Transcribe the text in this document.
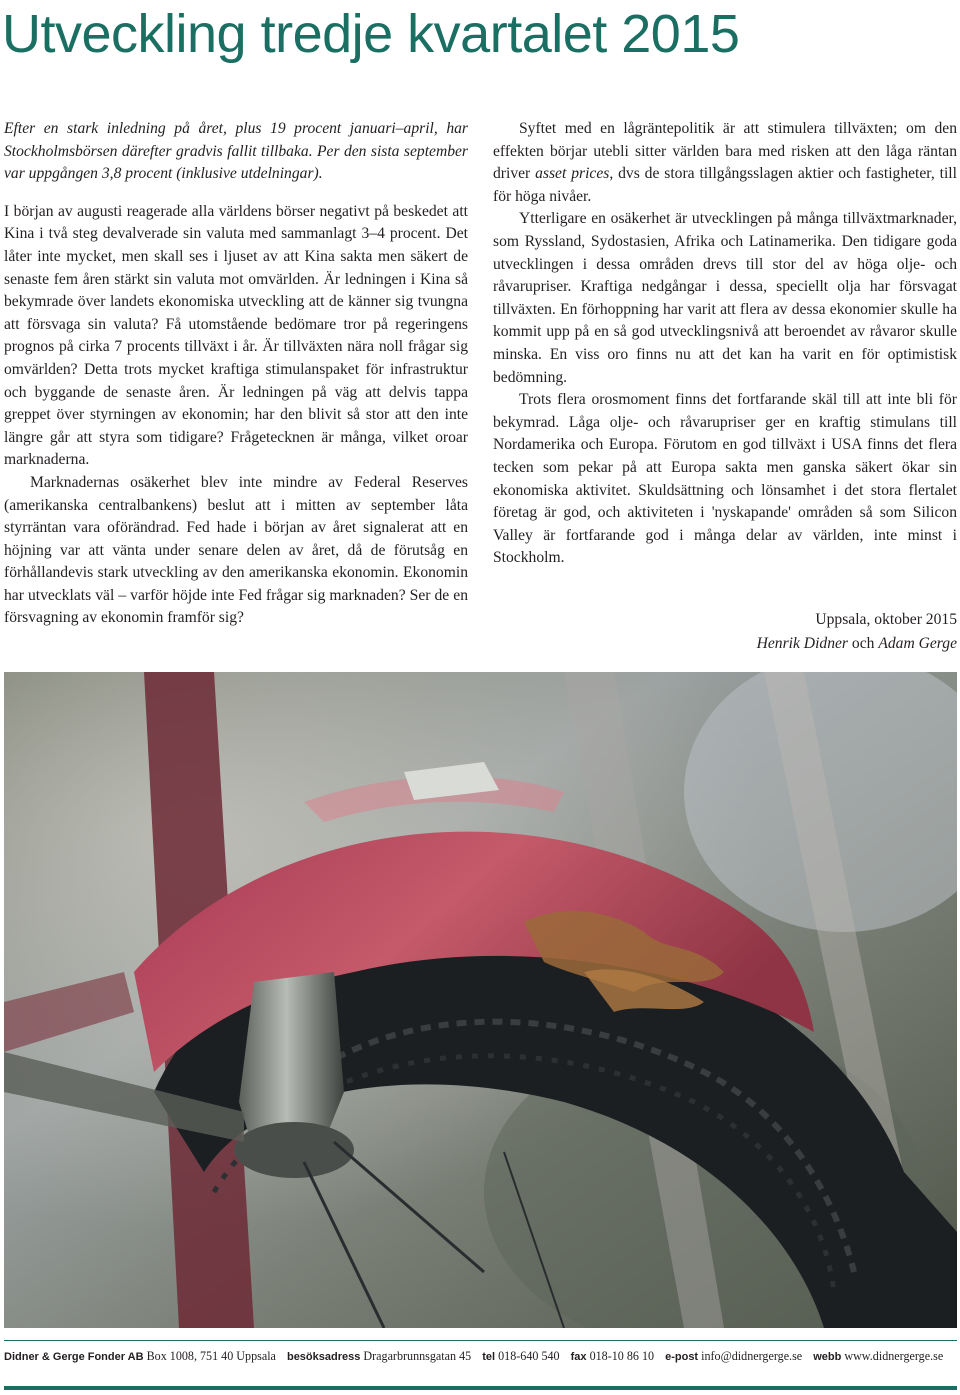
Utveckling tredje kvartalet 2015

Efter en stark inledning på året, plus 19 procent januari–april, har Stockholmsbörsen därefter gradvis fallit tillbaka. Per den sista september var uppgången 3,8 procent (inklusive utdelningar).

I början av augusti reagerade alla världens börser negativt på beskedet att Kina i två steg devalverade sin valuta med sammanlagt 3–4 procent. Det låter inte mycket, men skall ses i ljuset av att Kina sakta men säkert de senaste fem åren stärkt sin valuta mot omvärlden. Är ledningen i Kina så bekymrade över landets ekonomiska utveckling att de känner sig tvungna att försvaga sin valuta? Få utomstående bedömare tror på regeringens prognos på cirka 7 procents tillväxt i år. Är tillväxten nära noll frågar sig omvärlden? Detta trots mycket kraftiga stimulanspaket för infrastruktur och byggande de senaste åren. Är ledningen på väg att delvis tappa greppet över styrningen av ekonomin; har den blivit så stor att den inte längre går att styra som tidigare? Frågetecknen är många, vilket oroar marknaderna.

Marknadernas osäkerhet blev inte mindre av Federal Reserves (amerikanska centralbankens) beslut att i mitten av september låta styrräntan vara oförändrad. Fed hade i början av året signalerat att en höjning var att vänta under senare delen av året, då de förutsåg en förhållandevis stark utveckling av den amerikanska ekonomin. Ekonomin har utvecklats väl – varför höjde inte Fed frågar sig marknaden? Ser de en försvagning av ekonomin framför sig?

Syftet med en lågräntepolitik är att stimulera tillväxten; om den effekten börjar utebli sitter världen bara med risken att den låga räntan driver asset prices, dvs de stora tillgångsslagen aktier och fastigheter, till för höga nivåer.

Ytterligare en osäkerhet är utvecklingen på många tillväxtmarknader, som Ryssland, Sydostasien, Afrika och Latinamerika. Den tidigare goda utvecklingen i dessa områden drevs till stor del av höga olje- och råvarupriser. Kraftiga nedgångar i dessa, speciellt olja har försvagat tillväxten. En förhoppning har varit att flera av dessa ekonomier skulle ha kommit upp på en så god utvecklingsnivå att beroendet av råvaror skulle minska. En viss oro finns nu att det kan ha varit en för optimistisk bedömning.

Trots flera orosmoment finns det fortfarande skäl till att inte bli för bekymrad. Låga olje- och råvarupriser ger en kraftig stimulans till Nordamerika och Europa. Förutom en god tillväxt i USA finns det flera tecken som pekar på att Europa sakta men ganska säkert ökar sin ekonomiska aktivitet. Skuldsättning och lönsamhet i det stora flertalet företag är god, och aktiviteten i 'nyskapande' områden så som Silicon Valley är fortfarande god i många delar av världen, inte minst i Stockholm.

Uppsala, oktober 2015
Henrik Didner och Adam Gerge

Didner & Gerge Fonder AB Box 1008, 751 40 Uppsala besöksadress Dragarbrunnsgatan 45 tel 018-640 540 fax 018-10 86 10 e-post info@didnergerge.se webb www.didnergerge.se
